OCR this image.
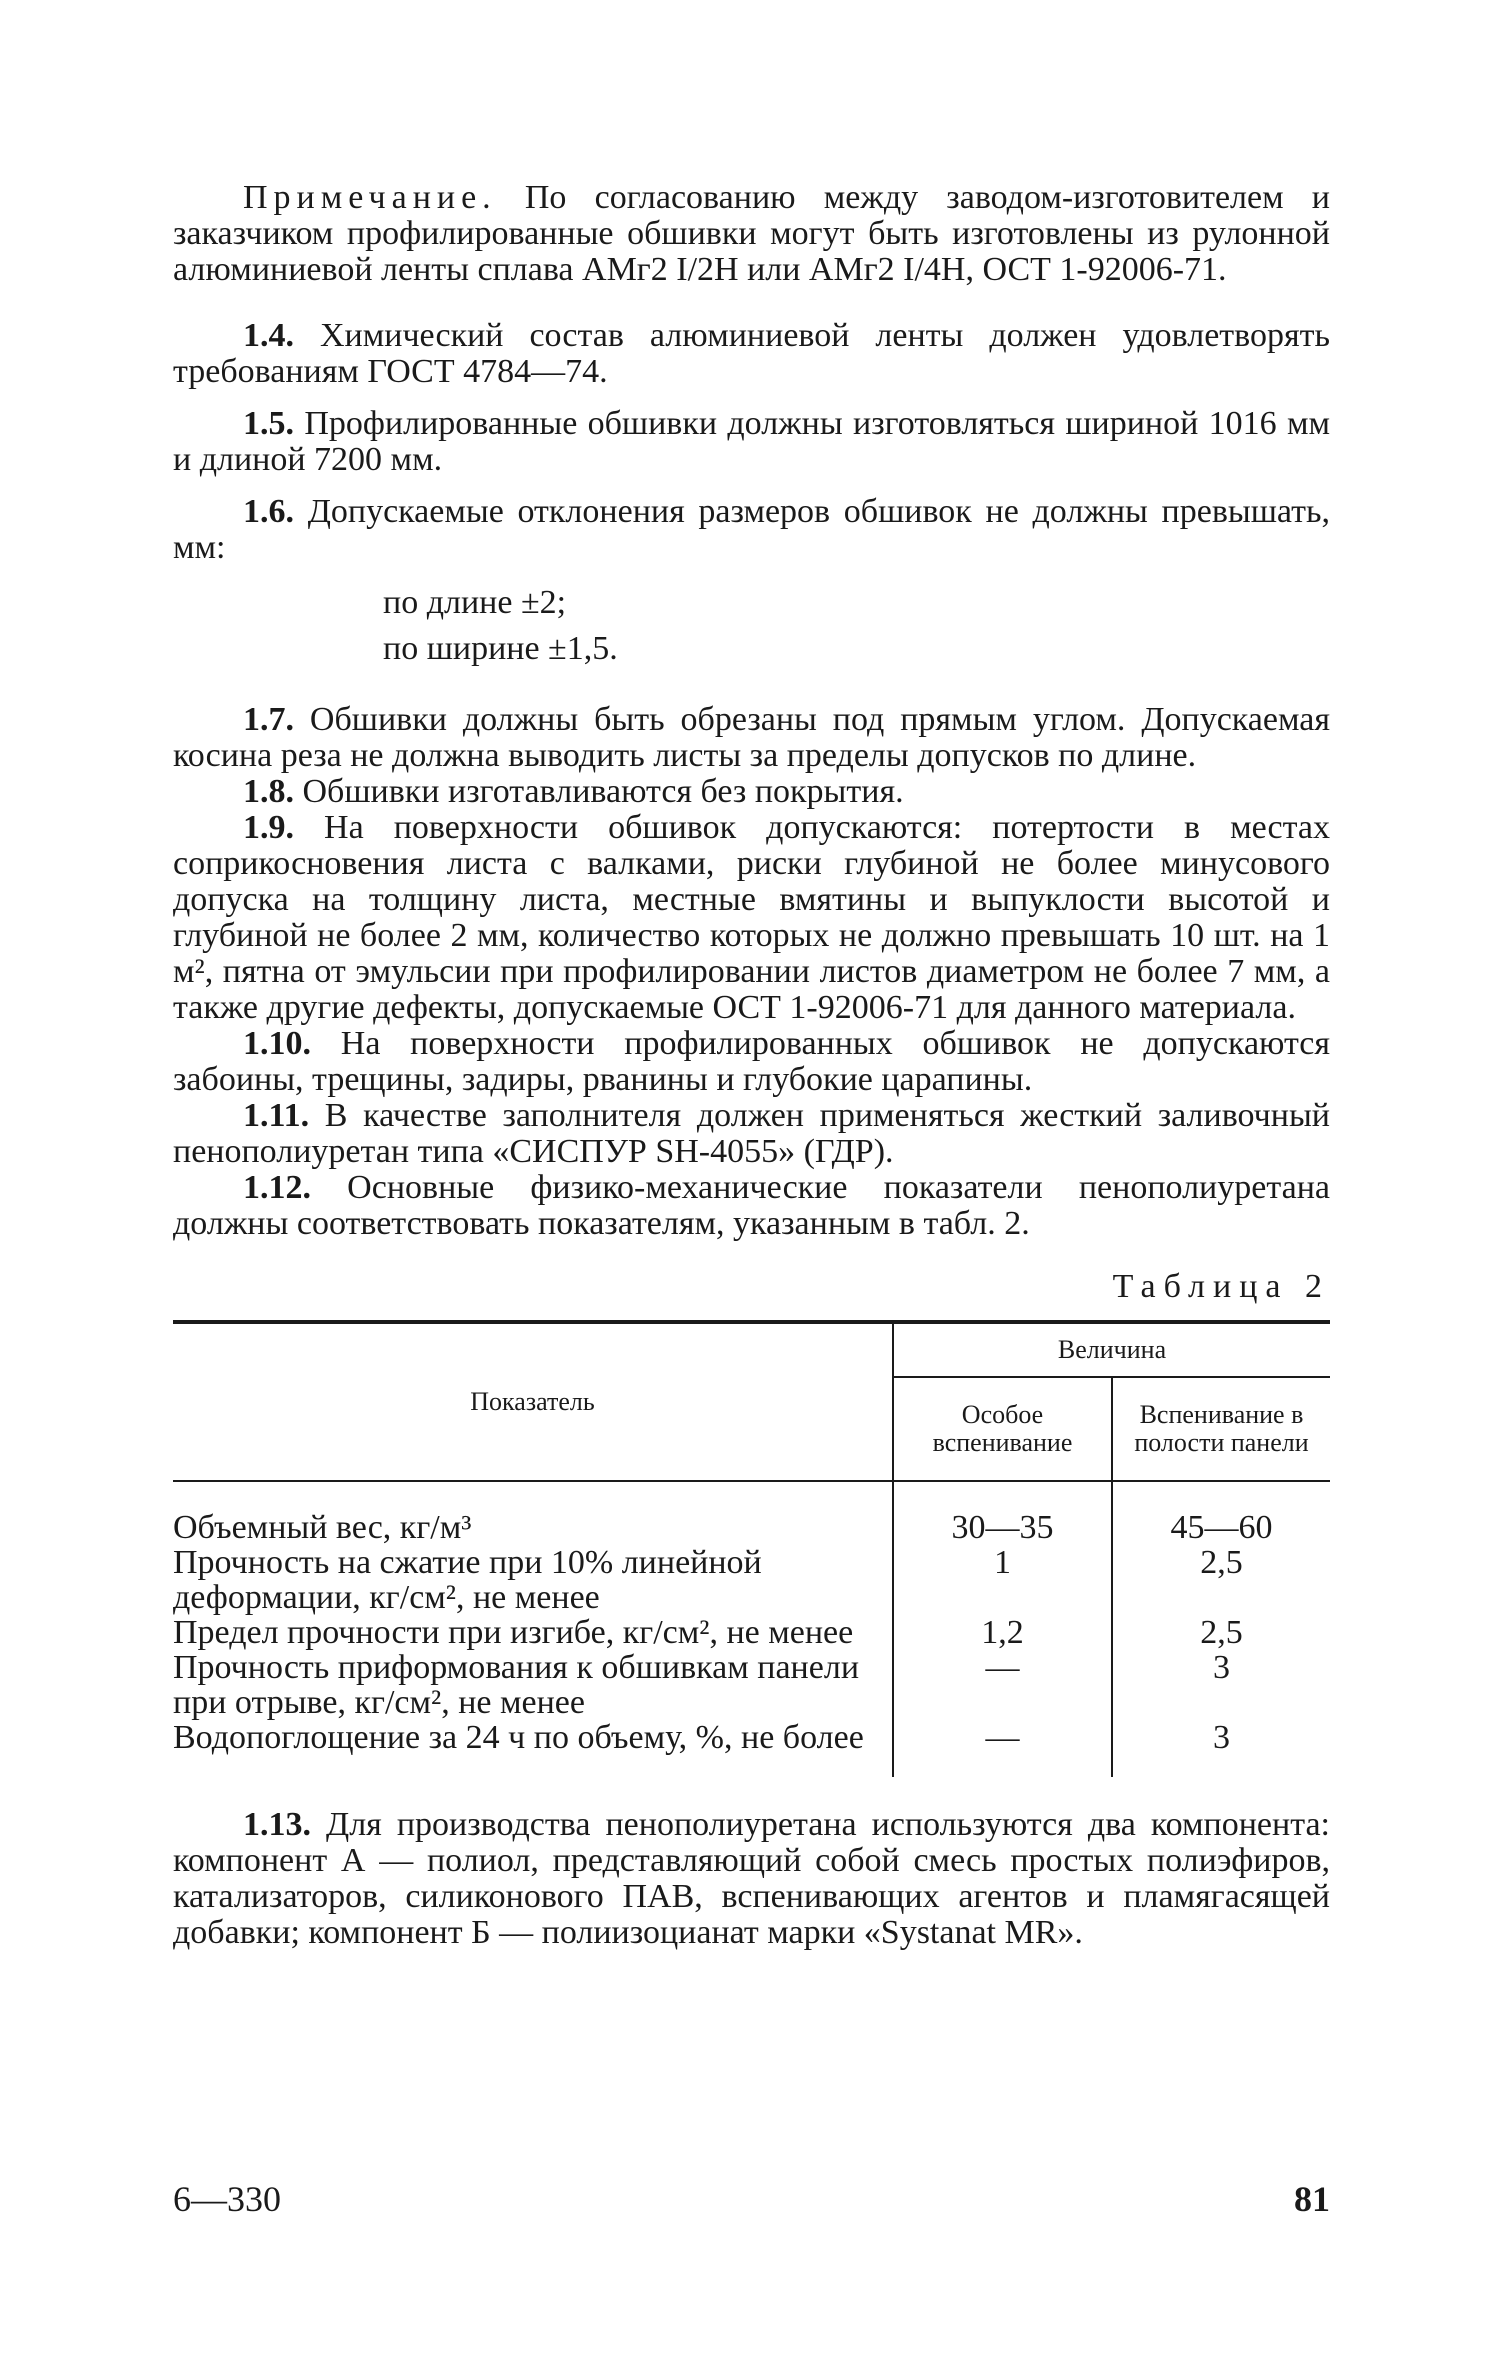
Примечание. По согласованию между заводом-изготовителем и заказчиком профилированные обшивки могут быть изготовлены из рулонной алюминиевой ленты сплава АМг2 I/2Н или АМг2 I/4Н, ОСТ 1-92006-71.

1.4. Химический состав алюминиевой ленты должен удовлетворять требованиям ГОСТ 4784—74.

1.5. Профилированные обшивки должны изготовляться шириной 1016 мм и длиной 7200 мм.

1.6. Допускаемые отклонения размеров обшивок не должны превышать, мм:

по длине ±2;
по ширине ±1,5.

1.7. Обшивки должны быть обрезаны под прямым углом. Допускаемая косина реза не должна выводить листы за пределы допусков по длине.

1.8. Обшивки изготавливаются без покрытия.

1.9. На поверхности обшивок допускаются: потертости в местах соприкосновения листа с валками, риски глубиной не более минусового допуска на толщину листа, местные вмятины и выпуклости высотой и глубиной не более 2 мм, количество которых не должно превышать 10 шт. на 1 м², пятна от эмульсии при профилировании листов диаметром не более 7 мм, а также другие дефекты, допускаемые ОСТ 1-92006-71 для данного материала.

1.10. На поверхности профилированных обшивок не допускаются забоины, трещины, задиры, рванины и глубокие царапины.

1.11. В качестве заполнителя должен применяться жесткий заливочный пенополиуретан типа «СИСПУР SH-4055» (ГДР).

1.12. Основные физико-механические показатели пенополиуретана должны соответствовать показателям, указанным в табл. 2.

Таблица 2
Показатель	Величина	
	Особое вспенивание	Вспенивание в полости панели
Объемный вес, кг/м³	30—35	45—60
Прочность на сжатие при 10% линейной деформации, кг/см², не менее	1	2,5
Предел прочности при изгибе, кг/см², не менее	1,2	2,5
Прочность приформования к обшивкам панели при отрыве, кг/см², не менее	—	3
Водопоглощение за 24 ч по объему, %, не более	—	3

1.13. Для производства пенополиуретана используются два компонента: компонент А — полиол, представляющий собой смесь простых полиэфиров, катализаторов, силиконового ПАВ, вспенивающих агентов и пламягасящей добавки; компонент Б — полиизоцианат марки «Systanat MR».

6—330	81
